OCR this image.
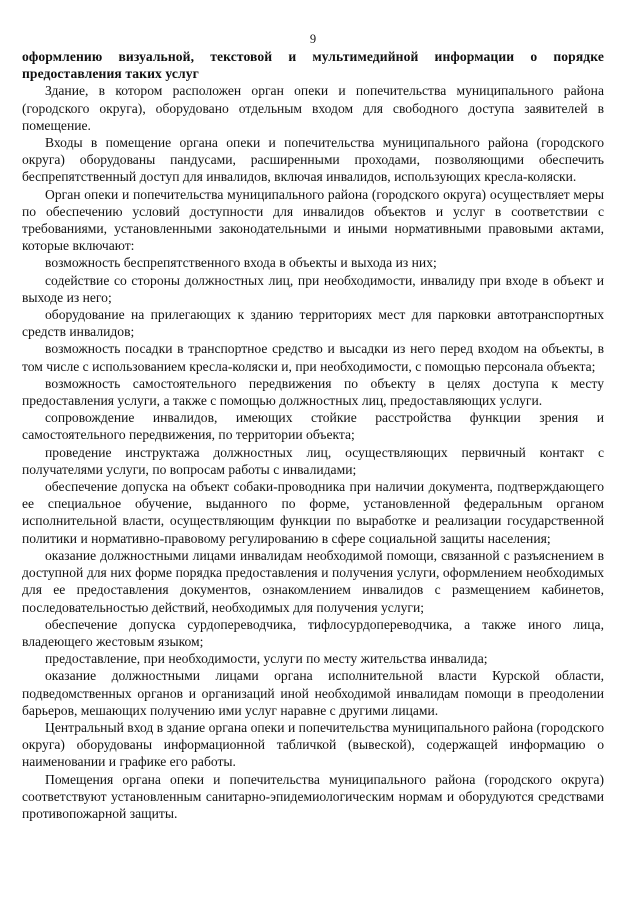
9

оформлению визуальной, текстовой и мультимедийной информации о порядке предоставления таких услуг

Здание, в котором расположен орган опеки и попечительства муниципального района (городского округа), оборудовано отдельным входом для свободного доступа заявителей в помещение.

Входы в помещение органа опеки и попечительства муниципального района (городского округа) оборудованы пандусами, расширенными проходами, позволяющими обеспечить беспрепятственный доступ для инвалидов, включая инвалидов, использующих кресла-коляски.

Орган опеки и попечительства муниципального района (городского округа) осуществляет меры по обеспечению условий доступности для инвалидов объектов и услуг в соответствии с требованиями, установленными законодательными и иными нормативными правовыми актами, которые включают:

возможность беспрепятственного входа в объекты и выхода из них;

содействие со стороны должностных лиц, при необходимости, инвалиду при входе в объект и выходе из него;

оборудование на прилегающих к зданию территориях мест для парковки автотранспортных средств инвалидов;

возможность посадки в транспортное средство и высадки из него перед входом на объекты, в том числе с использованием кресла-коляски и, при необходимости, с помощью персонала объекта;

возможность самостоятельного передвижения по объекту в целях доступа к месту предоставления услуги, а также с помощью должностных лиц, предоставляющих услуги.

сопровождение инвалидов, имеющих стойкие расстройства функции зрения и самостоятельного передвижения, по территории объекта;

проведение инструктажа должностных лиц, осуществляющих первичный контакт с получателями услуги, по вопросам работы с инвалидами;

обеспечение допуска на объект собаки-проводника при наличии документа, подтверждающего ее специальное обучение, выданного по форме, установленной федеральным органом исполнительной власти, осуществляющим функции по выработке и реализации государственной политики и нормативно-правовому регулированию в сфере социальной защиты населения;

оказание должностными лицами инвалидам необходимой помощи, связанной с разъяснением в доступной для них форме порядка предоставления и получения услуги, оформлением необходимых для ее предоставления документов, ознакомлением инвалидов с размещением кабинетов, последовательностью действий, необходимых для получения услуги;

обеспечение допуска сурдопереводчика, тифлосурдопереводчика, а также иного лица, владеющего жестовым языком;

предоставление, при необходимости, услуги по месту жительства инвалида;

оказание должностными лицами органа исполнительной власти Курской области, подведомственных органов и организаций иной необходимой инвалидам помощи в преодолении барьеров, мешающих получению ими услуг наравне с другими лицами.

Центральный вход в здание органа опеки и попечительства муниципального района (городского округа) оборудованы информационной табличкой (вывеской), содержащей информацию о наименовании и графике его работы.

Помещения органа опеки и попечительства муниципального района (городского округа) соответствуют установленным санитарно-эпидемиологическим нормам и оборудуются средствами противопожарной защиты.
